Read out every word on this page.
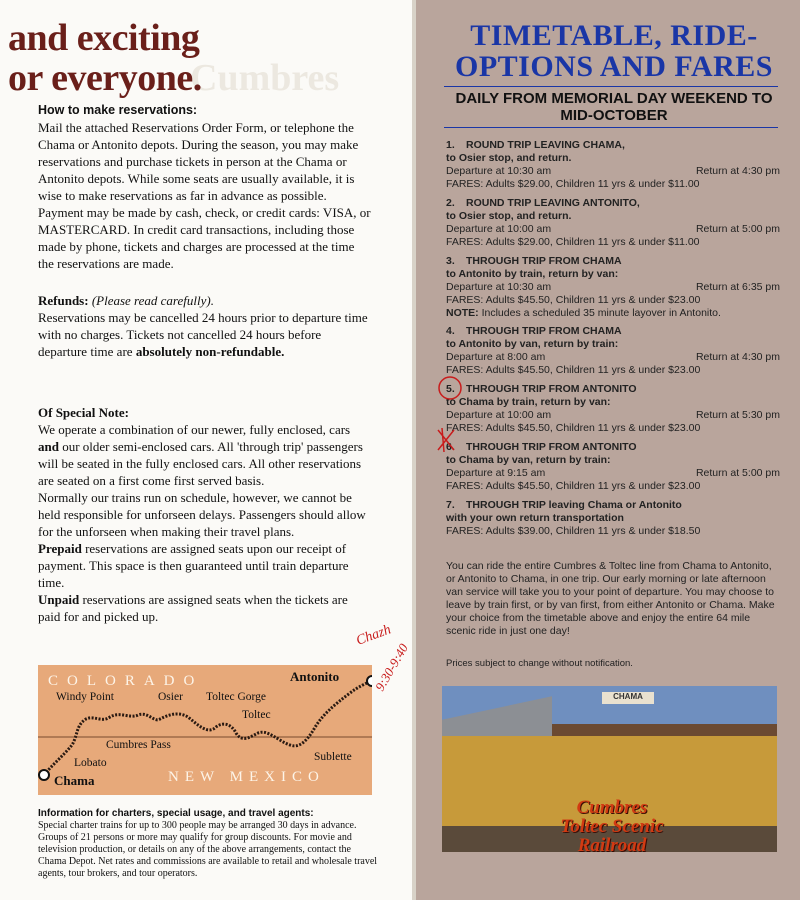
Cumbres
and exciting
or everyone.

How to make reservations:

Mail the attached Reservations Order Form, or telephone the Chama or Antonito depots. During the season, you may make reservations and purchase tickets in person at the Chama or Antonito depots. While some seats are usually available, it is wise to make reservations as far in advance as possible.

Payment may be made by cash, check, or credit cards: VISA, or MASTERCARD. In credit card transactions, including those made by phone, tickets and charges are processed at the time the reservations are made.

Refunds: (Please read carefully).

Reservations may be cancelled 24 hours prior to departure time with no charges. Tickets not cancelled 24 hours before departure time are absolutely non-refundable.

Of Special Note:

We operate a combination of our newer, fully enclosed, cars and our older semi-enclosed cars. All 'through trip' passengers will be seated in the fully enclosed cars. All other reservations are seated on a first come first served basis.

Normally our trains run on schedule, however, we cannot be held responsible for unforseen delays. Passengers should allow for the unforseen when making their travel plans.

Prepaid reservations are assigned seats upon our receipt of payment. This space is then guaranteed until train departure time.

Unpaid reservations are assigned seats when the tickets are paid for and picked up.

COLORADO
NEW MEXICO
Antonito
Windy Point	Osier Toltec Gorge
Toltec
Cumbres Pass
Lobato	Sublette
Chama
Information for charters, special usage, and travel agents:
Special charter trains for up to 300 people may be arranged 30 days in advance. Groups of 21 persons or more may qualify for group discounts. For movie and television production, or details on any of the above arrangements, contact the Chama Depot. Net rates and commissions are available to retail and wholesale travel agents, tour brokers, and tour operators.
TIMETABLE, RIDE-
OPTIONS AND FARES
DAILY FROM MEMORIAL DAY WEEKEND TO MID-OCTOBER
1. ROUND TRIP LEAVING CHAMA,
to Osier stop, and return.
Departure at 10:30 am	Return at 4:30 pm
FARES: Adults $29.00, Children 11 yrs & under $11.00
2. ROUND TRIP LEAVING ANTONITO,
to Osier stop, and return.
Departure at 10:00 am	Return at 5:00 pm
FARES: Adults $29.00, Children 11 yrs & under $11.00
3. THROUGH TRIP FROM CHAMA
to Antonito by train, return by van:
Departure at 10:30 am	Return at 6:35 pm
FARES: Adults $45.50, Children 11 yrs & under $23.00
NOTE: Includes a scheduled 35 minute layover in Antonito.
4. THROUGH TRIP FROM CHAMA
to Antonito by van, return by train:
Departure at 8:00 am	Return at 4:30 pm
FARES: Adults $45.50, Children 11 yrs & under $23.00
5. THROUGH TRIP FROM ANTONITO
to Chama by train, return by van:
Departure at 10:00 am	Return at 5:30 pm
FARES: Adults $45.50, Children 11 yrs & under $23.00
6. THROUGH TRIP FROM ANTONITO
to Chama by van, return by train:
Departure at 9:15 am	Return at 5:00 pm
FARES: Adults $45.50, Children 11 yrs & under $23.00
7. THROUGH TRIP leaving Chama or Antonito
with your own return transportation
FARES: Adults $39.00, Children 11 yrs & under $18.50
You can ride the entire Cumbres & Toltec line from Chama to Antonito, or Antonito to Chama, in one trip. Our early morning or late afternoon van service will take you to your point of departure. You may choose to leave by train first, or by van first, from either Antonito or Chama. Make your choice from the timetable above and enjoy the entire 64 mile scenic ride in just one day!
Prices subject to change without notification.
CHAMA
Cumbres
Toltec Scenic
Railroad
9:30-9:40
Chazh
